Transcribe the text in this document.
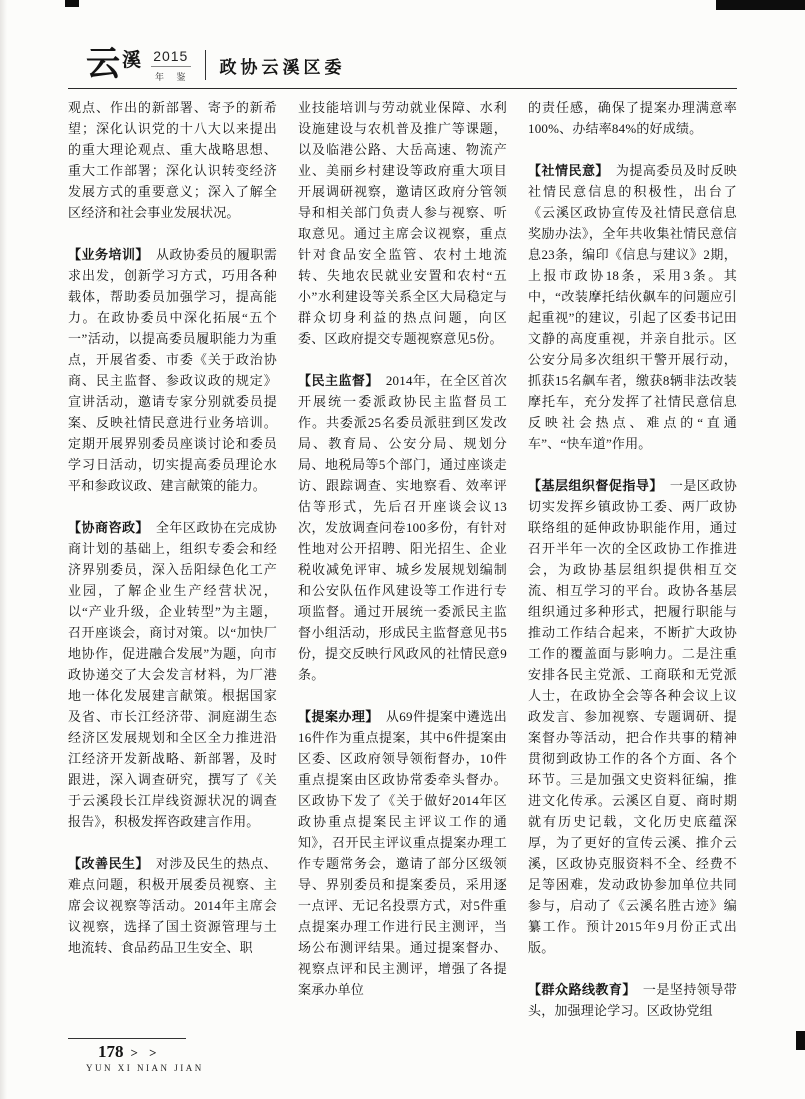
云 溪 2015
年 鉴 政协云溪区委

观点、作出的新部署、寄予的新希望；深化认识党的十八大以来提出的重大理论观点、重大战略思想、重大工作部署；深化认识转变经济发展方式的重要意义；深入了解全区经济和社会事业发展状况。

【业务培训】 从政协委员的履职需求出发，创新学习方式，巧用各种载体，帮助委员加强学习，提高能力。在政协委员中深化拓展“五个一”活动，以提高委员履职能力为重点，开展省委、市委《关于政治协商、民主监督、参政议政的规定》宣讲活动，邀请专家分别就委员提案、反映社情民意进行业务培训。定期开展界别委员座谈讨论和委员学习日活动，切实提高委员理论水平和参政议政、建言献策的能力。

【协商咨政】 全年区政协在完成协商计划的基础上，组织专委会和经济界别委员，深入岳阳绿色化工产业园，了解企业生产经营状况，以“产业升级，企业转型”为主题，召开座谈会，商讨对策。以“加快厂地协作，促进融合发展”为题，向市政协递交了大会发言材料，为厂港地一体化发展建言献策。根据国家及省、市长江经济带、洞庭湖生态经济区发展规划和全区全力推进沿江经济开发新战略、新部署，及时跟进，深入调查研究，撰写了《关于云溪段长江岸线资源状况的调查报告》，积极发挥咨政建言作用。

【改善民生】 对涉及民生的热点、难点问题，积极开展委员视察、主席会议视察等活动。2014年主席会议视察，选择了国土资源管理与土地流转、食品药品卫生安全、职

业技能培训与劳动就业保障、水利设施建设与农机普及推广等课题，以及临港公路、大岳高速、物流产业、美丽乡村建设等政府重大项目开展调研视察，邀请区政府分管领导和相关部门负责人参与视察、听取意见。通过主席会议视察，重点针对食品安全监管、农村土地流转、失地农民就业安置和农村“五小”水利建设等关系全区大局稳定与群众切身利益的热点问题，向区委、区政府提交专题视察意见5份。

【民主监督】 2014年，在全区首次开展统一委派政协民主监督员工作。共委派25名委员派驻到区发改局、教育局、公安分局、规划分局、地税局等5个部门，通过座谈走访、跟踪调查、实地察看、效率评估等形式，先后召开座谈会议13次，发放调查问卷100多份，有针对性地对公开招聘、阳光招生、企业税收减免评审、城乡发展规划编制和公安队伍作风建设等工作进行专项监督。通过开展统一委派民主监督小组活动，形成民主监督意见书5份，提交反映行风政风的社情民意9条。

【提案办理】 从69件提案中遴选出16件作为重点提案，其中6件提案由区委、区政府领导领衔督办，10件重点提案由区政协常委牵头督办。区政协下发了《关于做好2014年区政协重点提案民主评议工作的通知》，召开民主评议重点提案办理工作专题常务会，邀请了部分区级领导、界别委员和提案委员，采用逐一点评、无记名投票方式，对5件重点提案办理工作进行民主测评，当场公布测评结果。通过提案督办、视察点评和民主测评，增强了各提案承办单位

的责任感，确保了提案办理满意率100%、办结率84%的好成绩。

【社情民意】 为提高委员及时反映社情民意信息的积极性，出台了《云溪区政协宣传及社情民意信息奖励办法》，全年共收集社情民意信息23条，编印《信息与建议》2期，上报市政协18条，采用3条。其中，“改装摩托结伙飙车的问题应引起重视”的建议，引起了区委书记田文静的高度重视，并亲自批示。区公安分局多次组织干警开展行动，抓获15名飙车者，缴获8辆非法改装摩托车，充分发挥了社情民意信息反映社会热点、难点的“直通车”、“快车道”作用。

【基层组织督促指导】 一是区政协切实发挥乡镇政协工委、两厂政协联络组的延伸政协职能作用，通过召开半年一次的全区政协工作推进会，为政协基层组织提供相互交流、相互学习的平台。政协各基层组织通过多种形式，把履行职能与推动工作结合起来，不断扩大政协工作的覆盖面与影响力。二是注重安排各民主党派、工商联和无党派人士，在政协全会等各种会议上议政发言、参加视察、专题调研、提案督办等活动，把合作共事的精神贯彻到政协工作的各个方面、各个环节。三是加强文史资料征编，推进文化传承。云溪区自夏、商时期就有历史记载，文化历史底蕴深厚，为了更好的宣传云溪、推介云溪，区政协克服资料不全、经费不足等困难，发动政协参加单位共同参与，启动了《云溪名胜古迹》编纂工作。预计2015年9月份正式出版。

【群众路线教育】 一是坚持领导带头，加强理论学习。区政协党组

178 > >
YUN XI NIAN JIAN
